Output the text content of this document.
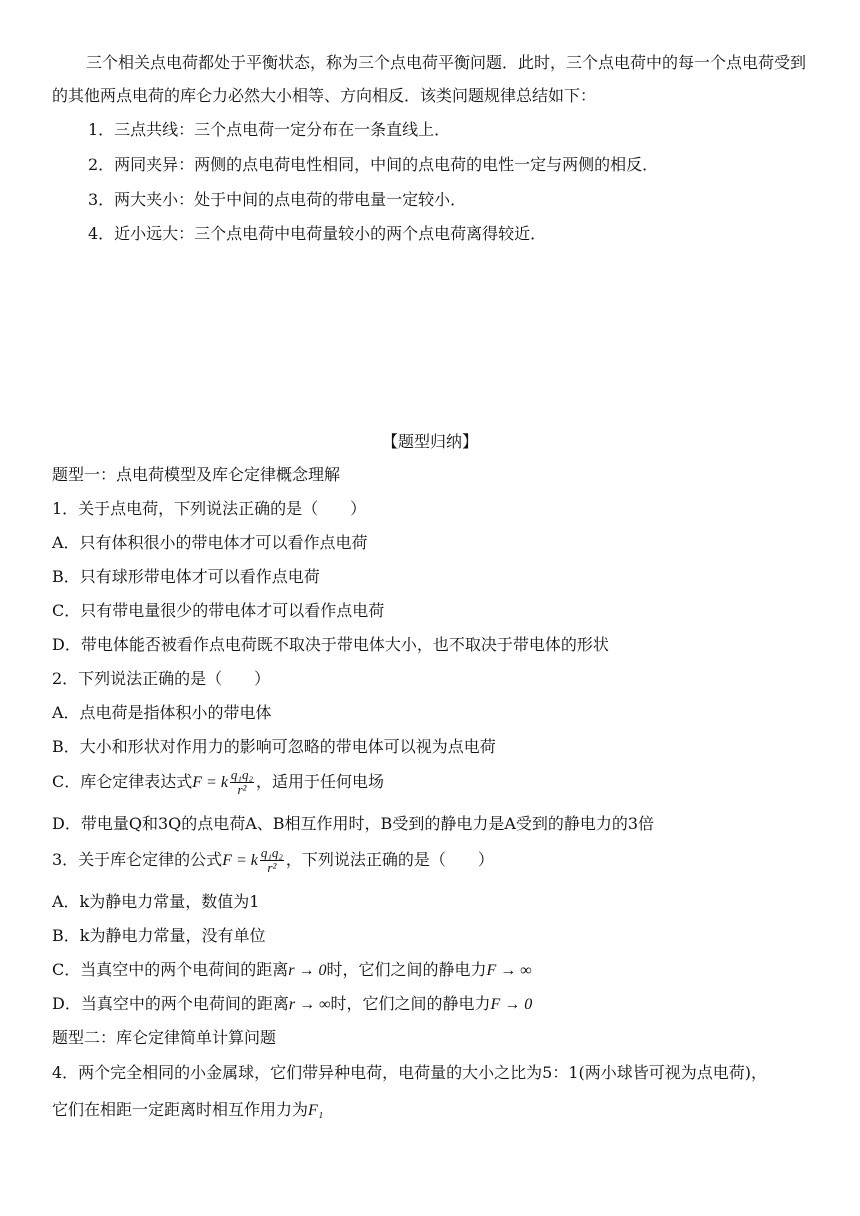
三个相关点电荷都处于平衡状态，称为三个点电荷平衡问题．此时，三个点电荷中的每一个点电荷受到的其他两点电荷的库仑力必然大小相等、方向相反．该类问题规律总结如下：
1．三点共线：三个点电荷一定分布在一条直线上．
2．两同夹异：两侧的点电荷电性相同，中间的点电荷的电性一定与两侧的相反．
3．两大夹小：处于中间的点电荷的带电量一定较小．
4．近小远大：三个点电荷中电荷量较小的两个点电荷离得较近．
【题型归纳】
题型一：点电荷模型及库仑定律概念理解
1．关于点电荷，下列说法正确的是（　　）
A．只有体积很小的带电体才可以看作点电荷
B．只有球形带电体才可以看作点电荷
C．只有带电量很少的带电体才可以看作点电荷
D．带电体能否被看作点电荷既不取决于带电体大小，也不取决于带电体的形状
2．下列说法正确的是（　　）
A．点电荷是指体积小的带电体
B．大小和形状对作用力的影响可忽略的带电体可以视为点电荷
C．库仑定律表达式F = k $\frac{\text{q₁q₂}}{\text{r²}}$ ，适用于任何电场
D．带电量Q和3Q的点电荷A、B相互作用时，B受到的静电力是A受到的静电力的3倍
3．关于库仑定律的公式F = k $\frac{\text{q₁q₂}}{\text{r²}}$ ，下列说法正确的是（　　）
A．k为静电力常量，数值为1
B．k为静电力常量，没有单位
C．当真空中的两个电荷间的距离r → 0时，它们之间的静电力F → ∞
D．当真空中的两个电荷间的距离r → ∞时，它们之间的静电力F → 0
题型二：库仑定律简单计算问题
4．两个完全相同的小金属球，它们带异种电荷，电荷量的大小之比为5：1(两小球皆可视为点电荷)，
它们在相距一定距离时相互作用力为F₁
